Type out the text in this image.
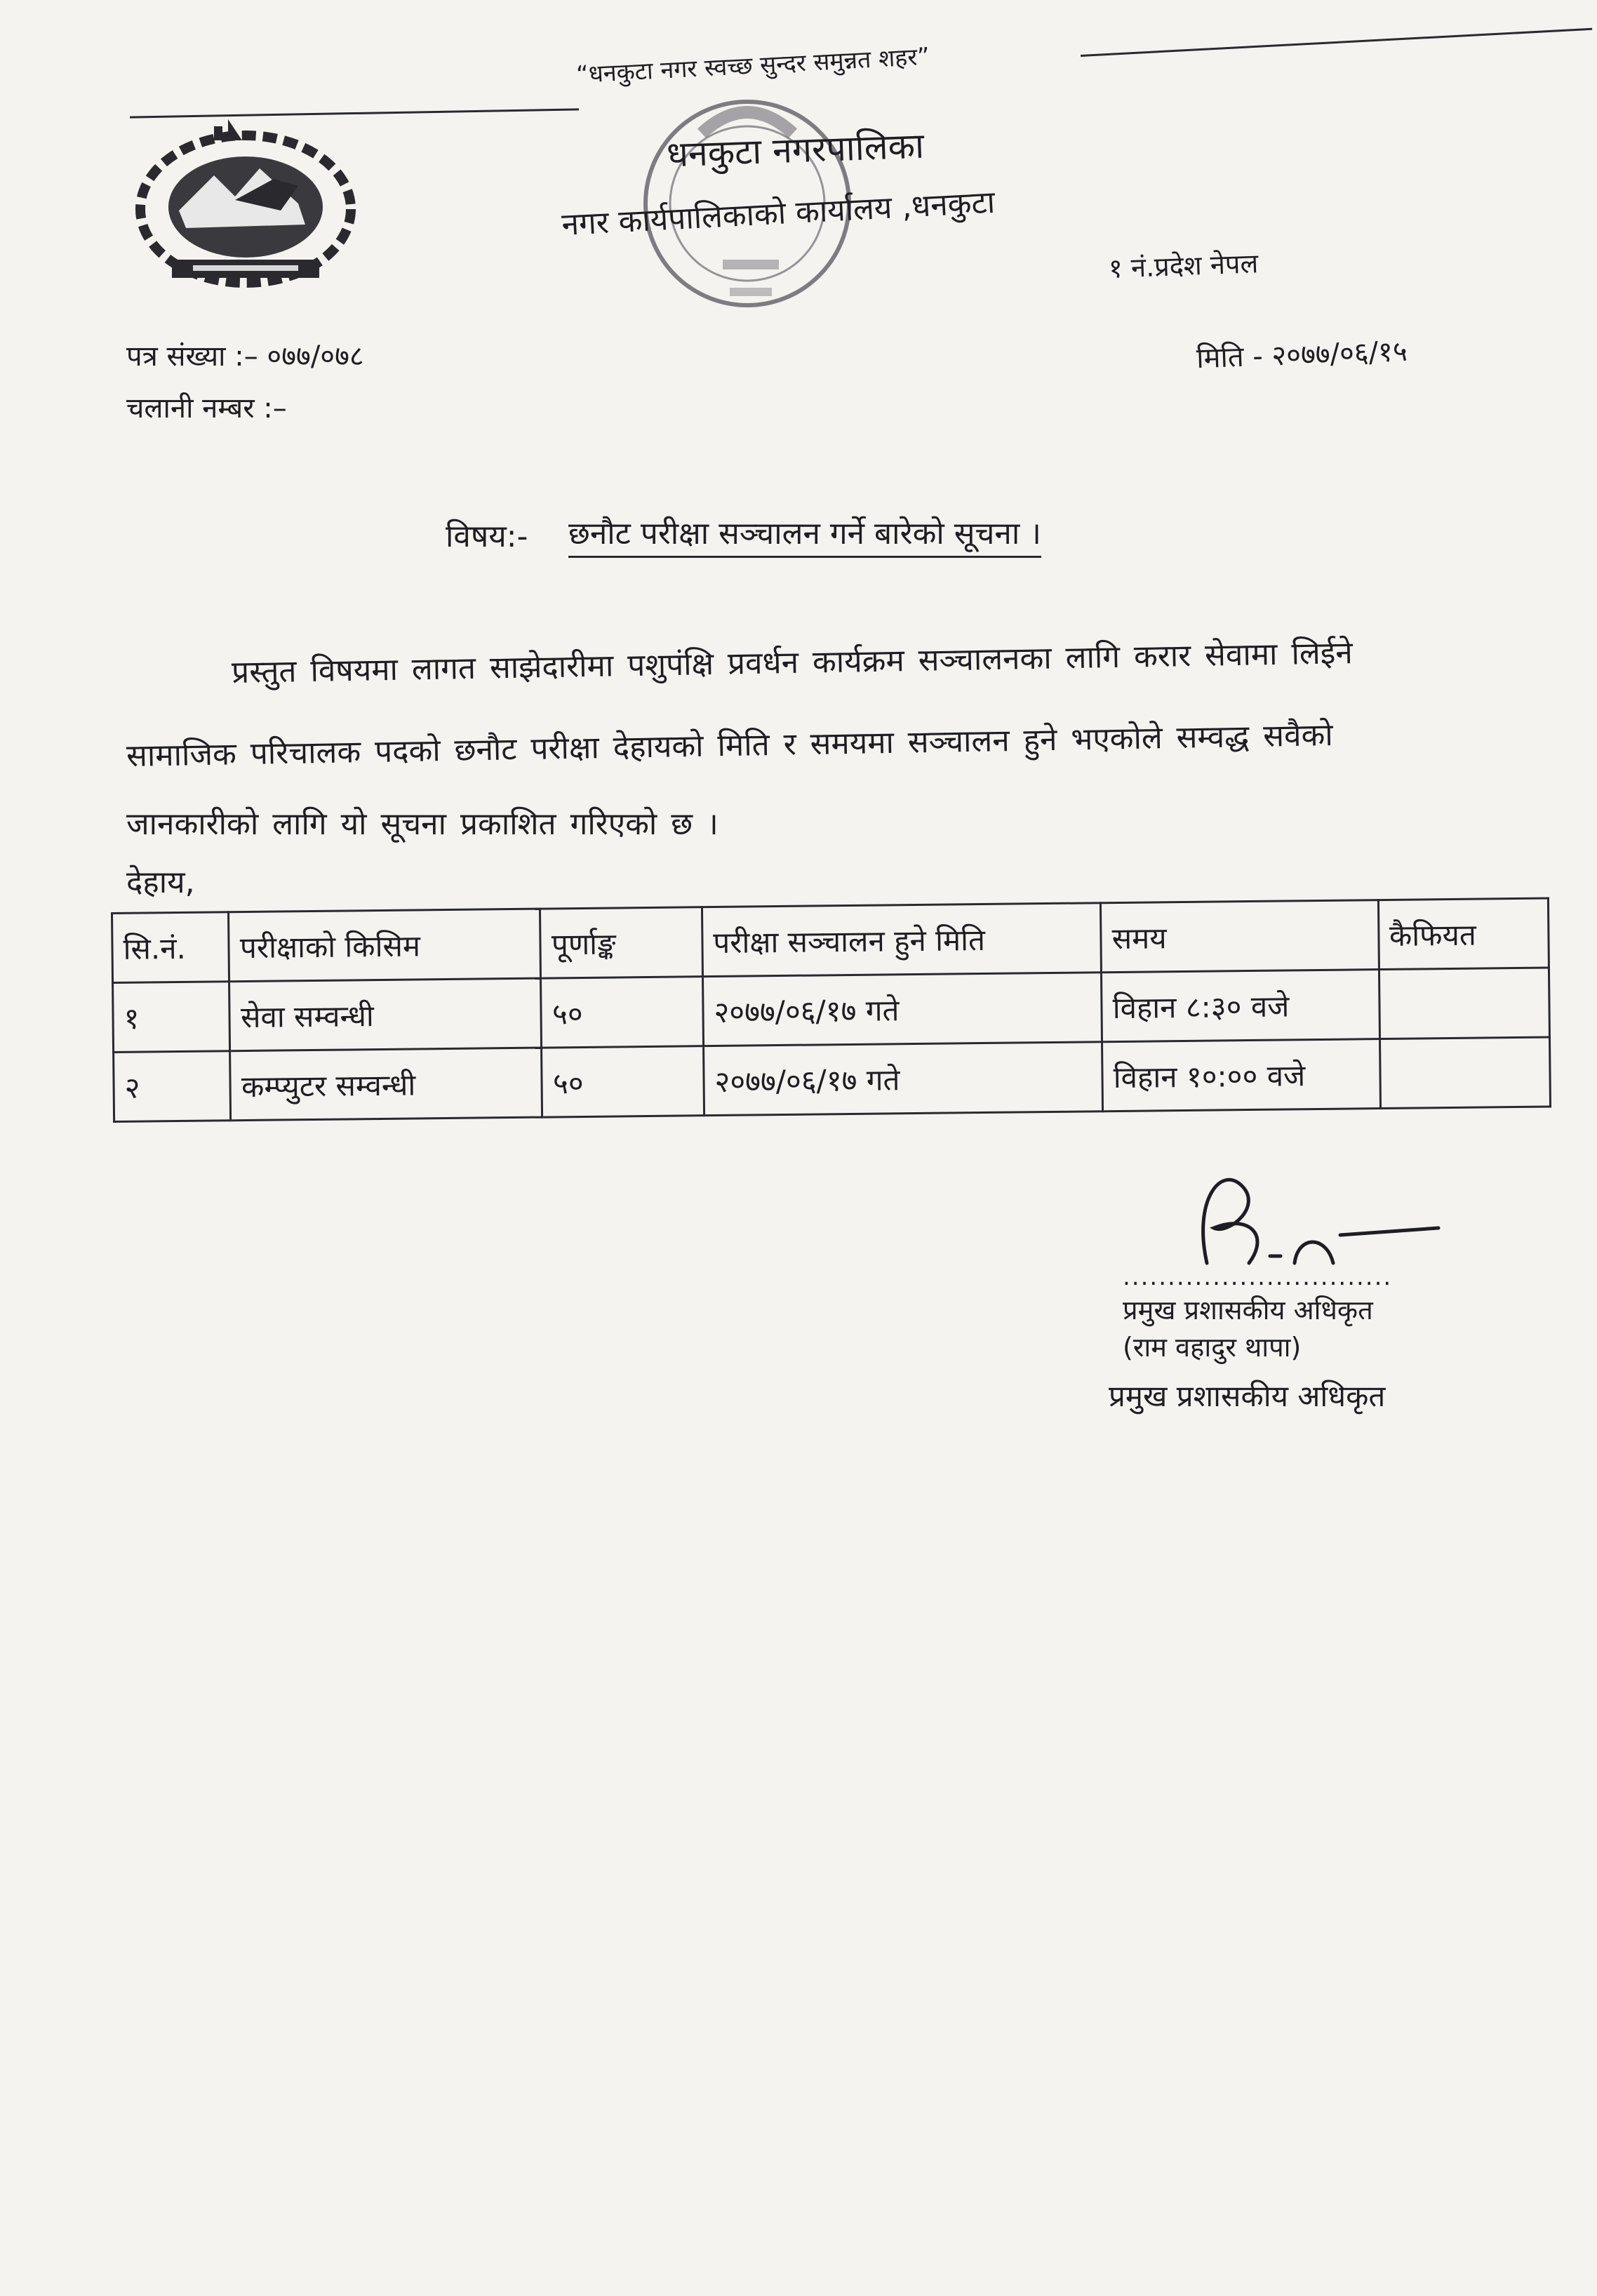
“धनकुटा नगर स्वच्छ सुन्दर समुन्नत शहर”
धनकुटा नगरपालिका
नगर कार्यपालिकाको कार्यालय ,धनकुटा
१ नं.प्रदेश नेपल
पत्र संख्या :– ०७७/०७८
चलानी नम्बर :–
मिति - २०७७/०६/१५
विषय:- छनौट परीक्षा सञ्चालन गर्ने बारेको सूचना ।
प्रस्तुत विषयमा लागत साझेदारीमा पशुपंक्षि प्रवर्धन कार्यक्रम सञ्चालनका लागि करार सेवामा लिईने
सामाजिक परिचालक पदको छनौट परीक्षा देहायको मिति र समयमा सञ्चालन हुने भएकोले सम्वद्ध सवैको
जानकारीको लागि यो सूचना प्रकाशित गरिएको छ ।
देहाय,
सि.नं.	परीक्षाको किसिम	पूर्णाङ्क	परीक्षा सञ्चालन हुने मिति	समय	कैफियत
१	सेवा सम्वन्धी	५०	२०७७/०६/१७ गते	विहान ८:३० वजे	
२	कम्प्युटर सम्वन्धी	५०	२०७७/०६/१७ गते	विहान १०:०० वजे	
..............................
प्रमुख प्रशासकीय अधिकृत
(राम वहादुर थापा)
प्रमुख प्रशासकीय अधिकृत
